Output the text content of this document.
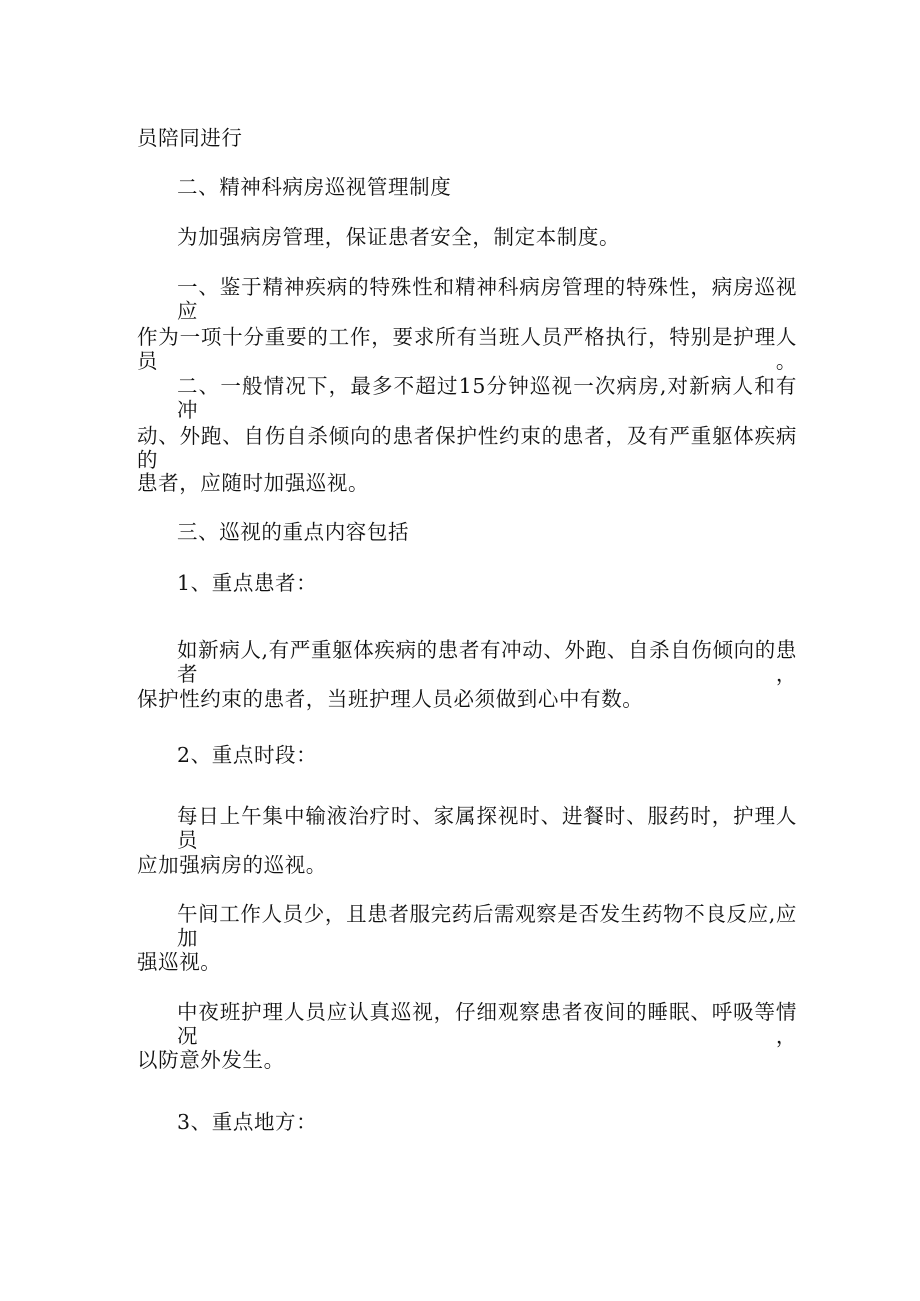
员陪同进行
二、精神科病房巡视管理制度
为加强病房管理，保证患者安全，制定本制度。
一、鉴于精神疾病的特殊性和精神科病房管理的特殊性，病房巡视应
作为一项十分重要的工作，要求所有当班人员严格执行，特别是护理人员。
二、一般情况下，最多不超过15分钟巡视一次病房,对新病人和有冲
动、外跑、自伤自杀倾向的患者保护性约束的患者，及有严重躯体疾病的
患者，应随时加强巡视。
三、巡视的重点内容包括
1、重点患者：
如新病人,有严重躯体疾病的患者有冲动、外跑、自杀自伤倾向的患者，
保护性约束的患者，当班护理人员必须做到心中有数。
2、重点时段：
每日上午集中输液治疗时、家属探视时、进餐时、服药时，护理人员
应加强病房的巡视。
午间工作人员少，且患者服完药后需观察是否发生药物不良反应,应加
强巡视。
中夜班护理人员应认真巡视，仔细观察患者夜间的睡眠、呼吸等情况，
以防意外发生。
3、重点地方：
